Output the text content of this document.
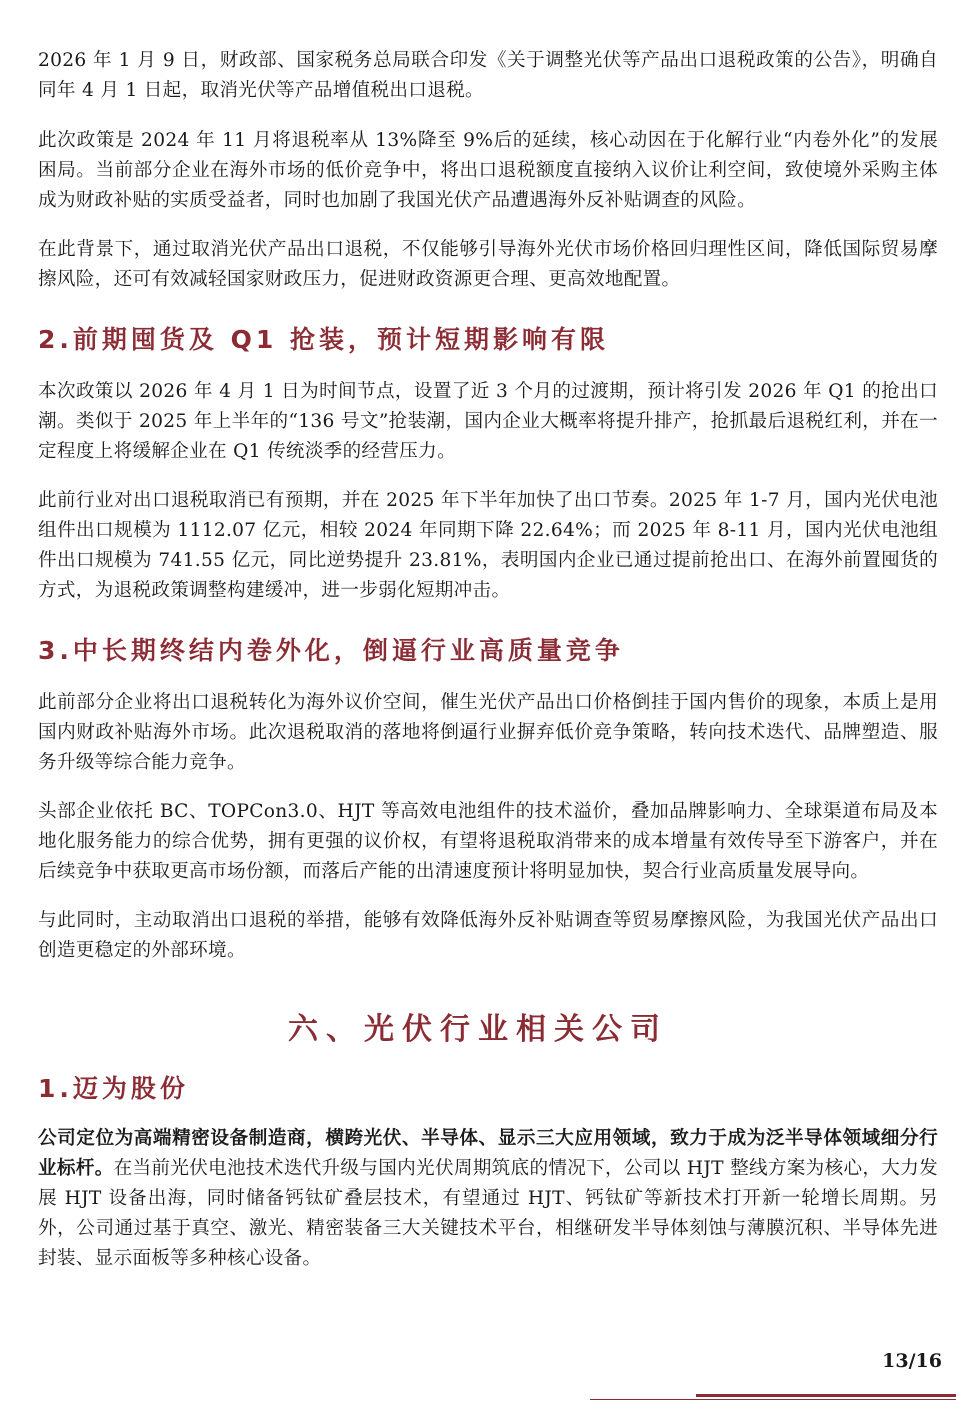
2026 年 1 月 9 日，财政部、国家税务总局联合印发《关于调整光伏等产品出口退税政策的公告》，明确自同年 4 月 1 日起，取消光伏等产品增值税出口退税。

此次政策是 2024 年 11 月将退税率从 13%降至 9%后的延续，核心动因在于化解行业“内卷外化”的发展困局。当前部分企业在海外市场的低价竞争中，将出口退税额度直接纳入议价让利空间，致使境外采购主体成为财政补贴的实质受益者，同时也加剧了我国光伏产品遭遇海外反补贴调查的风险。

在此背景下，通过取消光伏产品出口退税，不仅能够引导海外光伏市场价格回归理性区间，降低国际贸易摩擦风险，还可有效减轻国家财政压力，促进财政资源更合理、更高效地配置。

2.前期囤货及 Q1 抢装，预计短期影响有限

本次政策以 2026 年 4 月 1 日为时间节点，设置了近 3 个月的过渡期，预计将引发 2026 年 Q1 的抢出口潮。类似于 2025 年上半年的“136 号文”抢装潮，国内企业大概率将提升排产，抢抓最后退税红利，并在一定程度上将缓解企业在 Q1 传统淡季的经营压力。

此前行业对出口退税取消已有预期，并在 2025 年下半年加快了出口节奏。2025 年 1-7 月，国内光伏电池组件出口规模为 1112.07 亿元，相较 2024 年同期下降 22.64%；而 2025 年 8-11 月，国内光伏电池组件出口规模为 741.55 亿元，同比逆势提升 23.81%，表明国内企业已通过提前抢出口、在海外前置囤货的方式，为退税政策调整构建缓冲，进一步弱化短期冲击。

3.中长期终结内卷外化，倒逼行业高质量竞争

此前部分企业将出口退税转化为海外议价空间，催生光伏产品出口价格倒挂于国内售价的现象，本质上是用国内财政补贴海外市场。此次退税取消的落地将倒逼行业摒弃低价竞争策略，转向技术迭代、品牌塑造、服务升级等综合能力竞争。

头部企业依托 BC、TOPCon3.0、HJT 等高效电池组件的技术溢价，叠加品牌影响力、全球渠道布局及本地化服务能力的综合优势，拥有更强的议价权，有望将退税取消带来的成本增量有效传导至下游客户，并在后续竞争中获取更高市场份额，而落后产能的出清速度预计将明显加快，契合行业高质量发展导向。

与此同时，主动取消出口退税的举措，能够有效降低海外反补贴调查等贸易摩擦风险，为我国光伏产品出口创造更稳定的外部环境。

六、光伏行业相关公司
1.迈为股份

公司定位为高端精密设备制造商，横跨光伏、半导体、显示三大应用领域，致力于成为泛半导体领域细分行业标杆。在当前光伏电池技术迭代升级与国内光伏周期筑底的情况下，公司以 HJT 整线方案为核心，大力发展 HJT 设备出海，同时储备钙钛矿叠层技术，有望通过 HJT、钙钛矿等新技术打开新一轮增长周期。另外，公司通过基于真空、激光、精密装备三大关键技术平台，相继研发半导体刻蚀与薄膜沉积、半导体先进封装、显示面板等多种核心设备。

13/16
